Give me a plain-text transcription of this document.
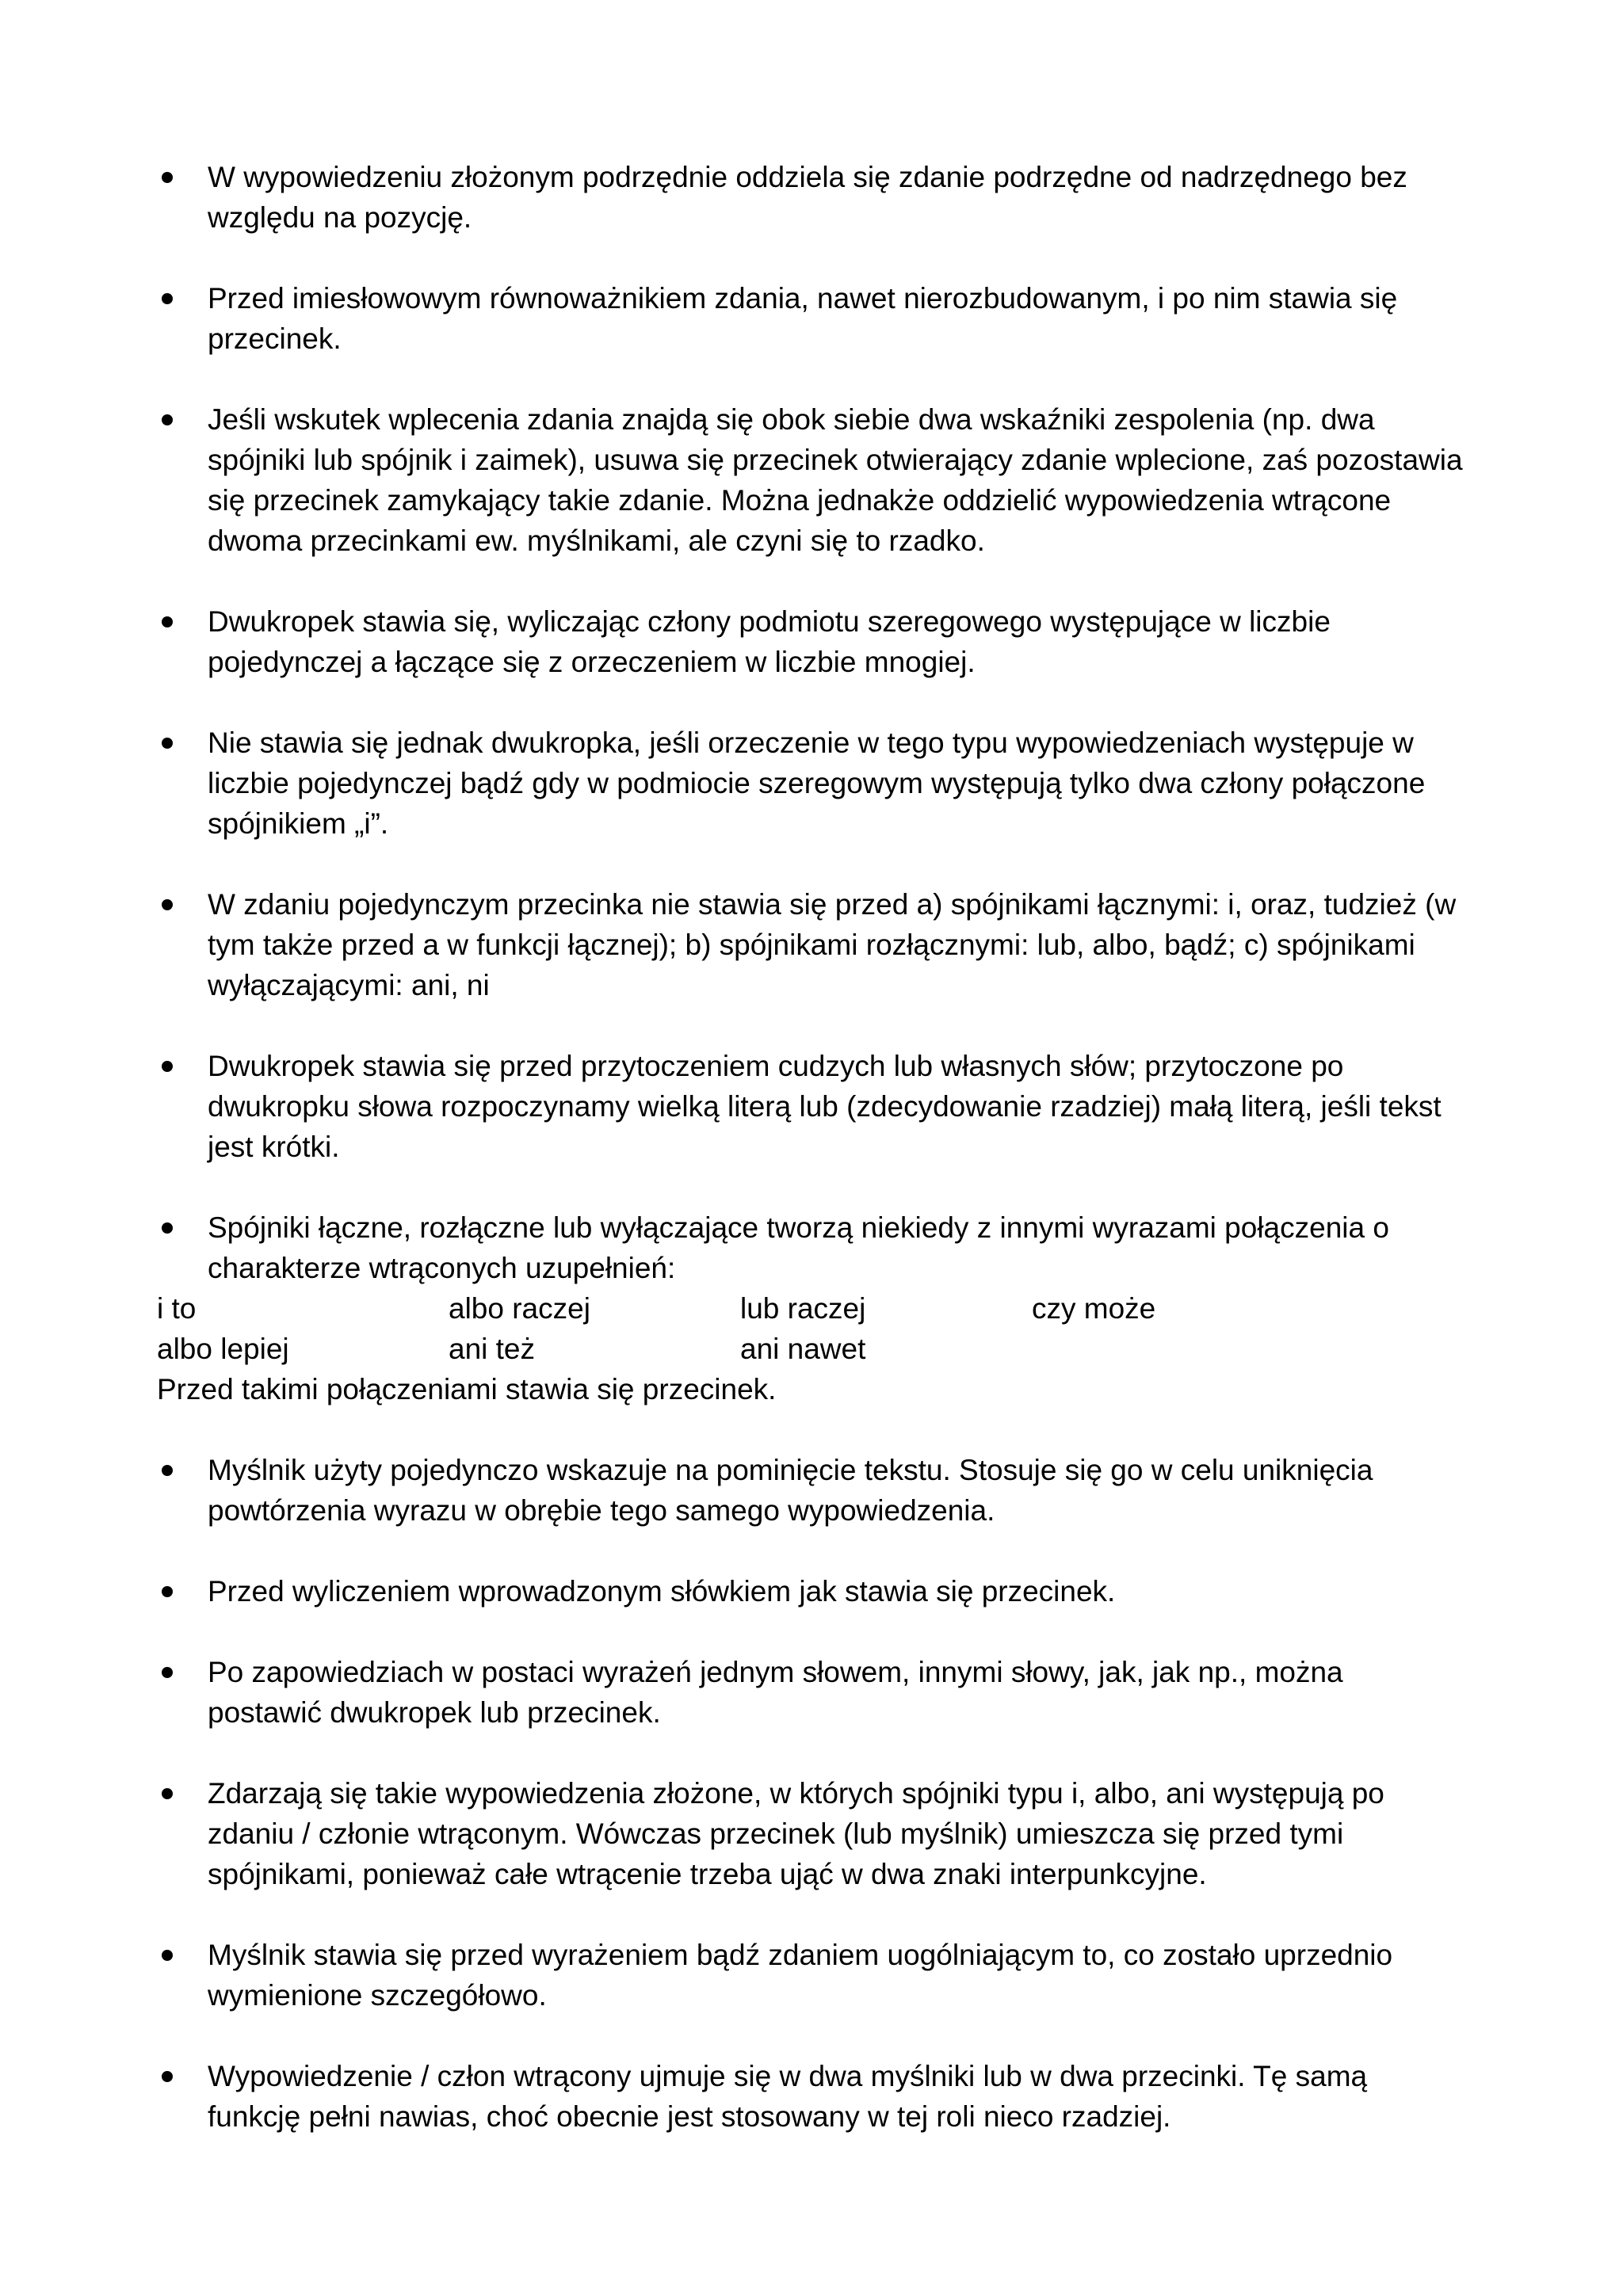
W wypowiedzeniu złożonym podrzędnie oddziela się zdanie podrzędne od nadrzędnego bez względu na pozycję.
Przed imiesłowowym równoważnikiem zdania, nawet nierozbudowanym, i po nim stawia się przecinek.
Jeśli wskutek wplecenia zdania znajdą się obok siebie dwa wskaźniki zespolenia (np. dwa spójniki lub spójnik i zaimek), usuwa się przecinek otwierający zdanie wplecione, zaś pozostawia się przecinek zamykający takie zdanie. Można jednakże oddzielić wypowiedzenia wtrącone dwoma przecinkami ew. myślnikami, ale czyni się to rzadko.
Dwukropek stawia się, wyliczając człony podmiotu szeregowego występujące w liczbie pojedynczej a łączące się z orzeczeniem w liczbie mnogiej.
Nie stawia się jednak dwukropka, jeśli orzeczenie w tego typu wypowiedzeniach występuje w liczbie pojedynczej bądź gdy w podmiocie szeregowym występują tylko dwa człony połączone spójnikiem „i”.
W zdaniu pojedynczym przecinka nie stawia się przed a) spójnikami łącznymi: i, oraz, tudzież (w tym także przed a w funkcji łącznej); b) spójnikami rozłącznymi: lub, albo, bądź; c) spójnikami wyłączającymi: ani, ni
Dwukropek stawia się przed przytoczeniem cudzych lub własnych słów; przytoczone po dwukropku słowa rozpoczynamy wielką literą lub (zdecydowanie rzadziej) małą literą, jeśli tekst jest krótki.
Spójniki łączne, rozłączne lub wyłączające tworzą niekiedy z innymi wyrazami połączenia o charakterze wtrąconych uzupełnień:
i to	albo raczej	lub raczej	czy może
albo lepiej	ani też	ani nawet
Przed takimi połączeniami stawia się przecinek.
Myślnik użyty pojedynczo wskazuje na pominięcie tekstu. Stosuje się go w celu uniknięcia powtórzenia wyrazu w obrębie tego samego wypowiedzenia.
Przed wyliczeniem wprowadzonym słówkiem jak stawia się przecinek.
Po zapowiedziach w postaci wyrażeń jednym słowem, innymi słowy, jak, jak np., można postawić dwukropek lub przecinek.
Zdarzają się takie wypowiedzenia złożone, w których spójniki typu i, albo, ani występują po zdaniu / członie wtrąconym. Wówczas przecinek (lub myślnik) umieszcza się przed tymi spójnikami, ponieważ całe wtrącenie trzeba ująć w dwa znaki interpunkcyjne.
Myślnik stawia się przed wyrażeniem bądź zdaniem uogólniającym to, co zostało uprzednio wymienione szczegółowo.
Wypowiedzenie / człon wtrącony ujmuje się w dwa myślniki lub w dwa przecinki. Tę samą funkcję pełni nawias, choć obecnie jest stosowany w tej roli nieco rzadziej.
